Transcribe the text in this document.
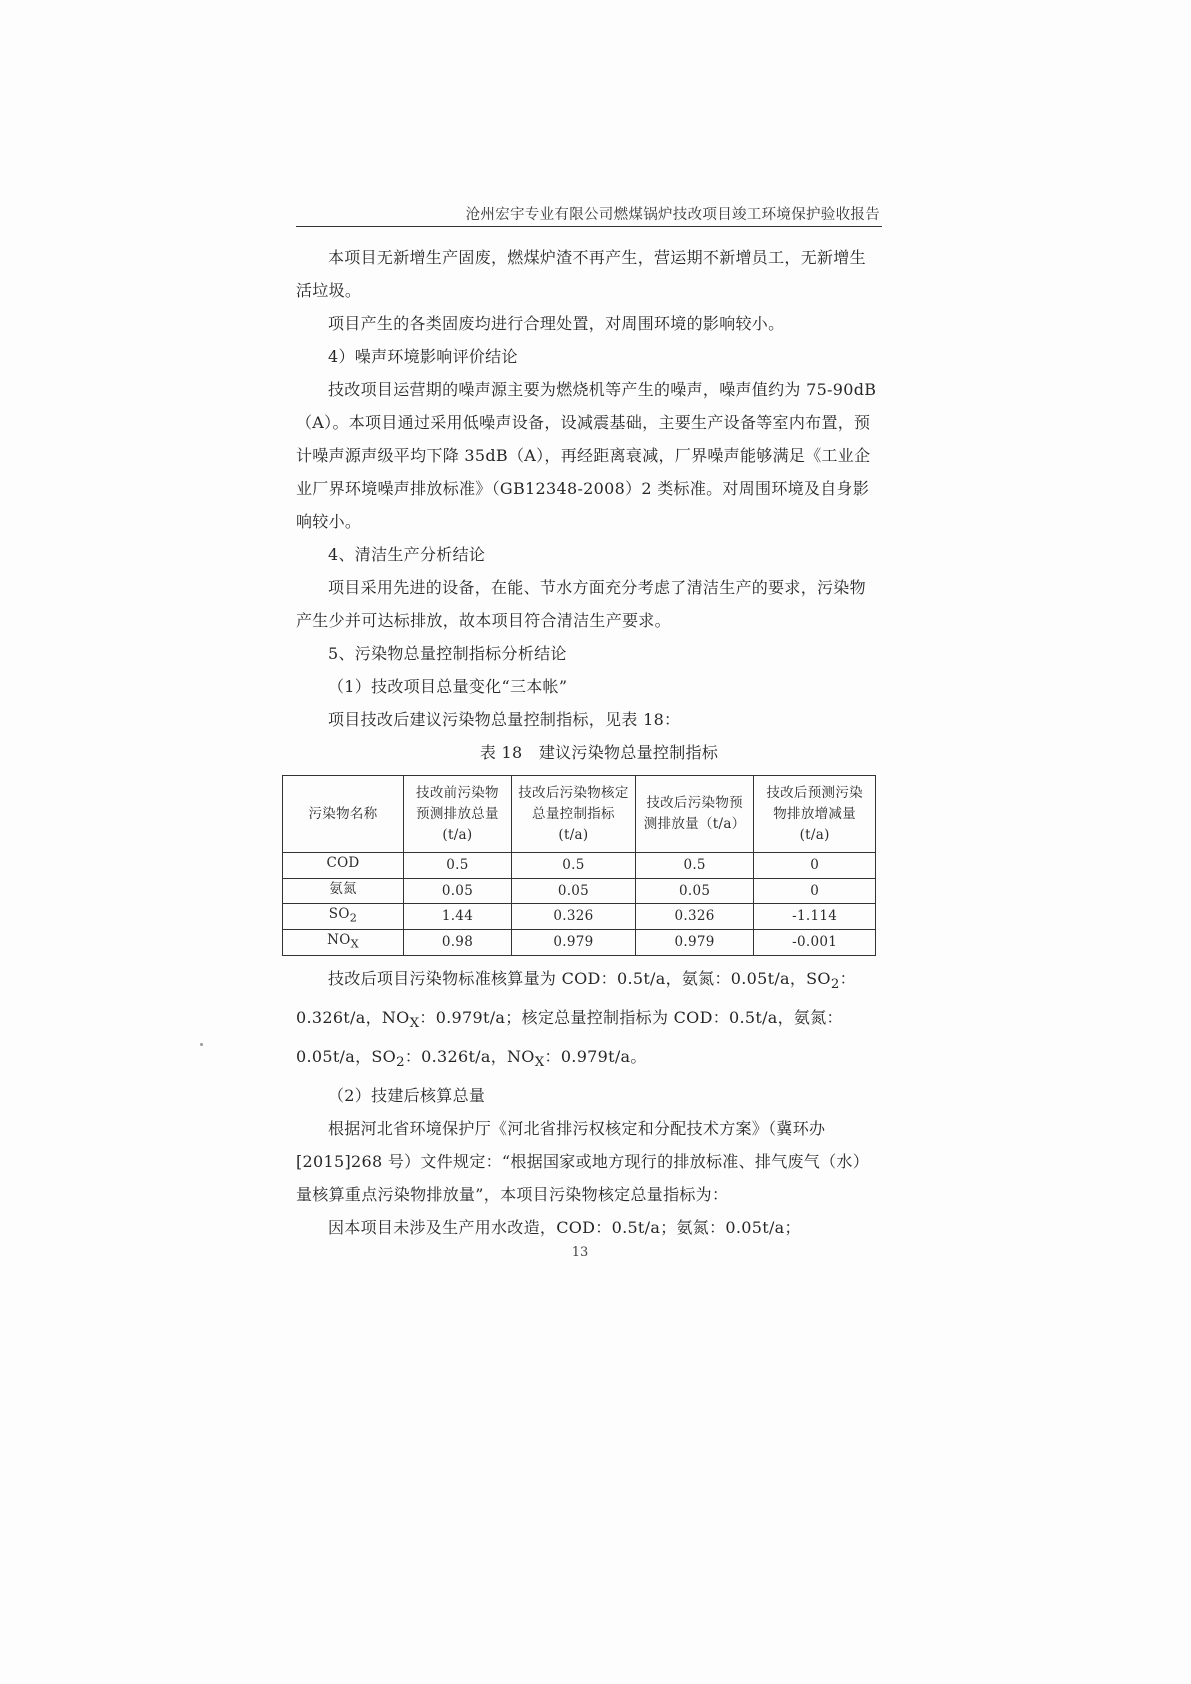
沧州宏宇专业有限公司燃煤锅炉技改项目竣工环境保护验收报告

本项目无新增生产固废，燃煤炉渣不再产生，营运期不新增员工，无新增生活垃圾。

项目产生的各类固废均进行合理处置，对周围环境的影响较小。

4）噪声环境影响评价结论

技改项目运营期的噪声源主要为燃烧机等产生的噪声，噪声值约为 75-90dB（A）。本项目通过采用低噪声设备，设减震基础，主要生产设备等室内布置，预计噪声源声级平均下降 35dB（A），再经距离衰减，厂界噪声能够满足《工业企业厂界环境噪声排放标准》（GB12348-2008）2 类标准。对周围环境及自身影响较小。

4、清洁生产分析结论

项目采用先进的设备，在能、节水方面充分考虑了清洁生产的要求，污染物产生少并可达标排放，故本项目符合清洁生产要求。

5、污染物总量控制指标分析结论

（1）技改项目总量变化“三本帐”

项目技改后建议污染物总量控制指标，见表 18：

表 18　建议污染物总量控制指标

污染物名称	技改前污染物预测排放总量(t/a)	技改后污染物核定总量控制指标(t/a)	技改后污染物预测排放量（t/a）	技改后预测污染物排放增减量(t/a)
COD	0.5	0.5	0.5	0
氨氮	0.05	0.05	0.05	0
$SO_2$	1.44	0.326	0.326	-1.114
$NO_X$	0.98	0.979	0.979	-0.001

技改后项目污染物标准核算量为 COD：0.5t/a，氨氮：0.05t/a，$SO_2$：0.326t/a，$NO_X$：0.979t/a；核定总量控制指标为 COD：0.5t/a，氨氮：0.05t/a，$SO_2$：0.326t/a，$NO_X$：0.979t/a。

（2）技建后核算总量

根据河北省环境保护厅《河北省排污权核定和分配技术方案》（冀环办[2015]268 号）文件规定：“根据国家或地方现行的排放标准、排气废气（水）量核算重点污染物排放量”，本项目污染物核定总量指标为：

因本项目未涉及生产用水改造，COD：0.5t/a；氨氮：0.05t/a；

13
